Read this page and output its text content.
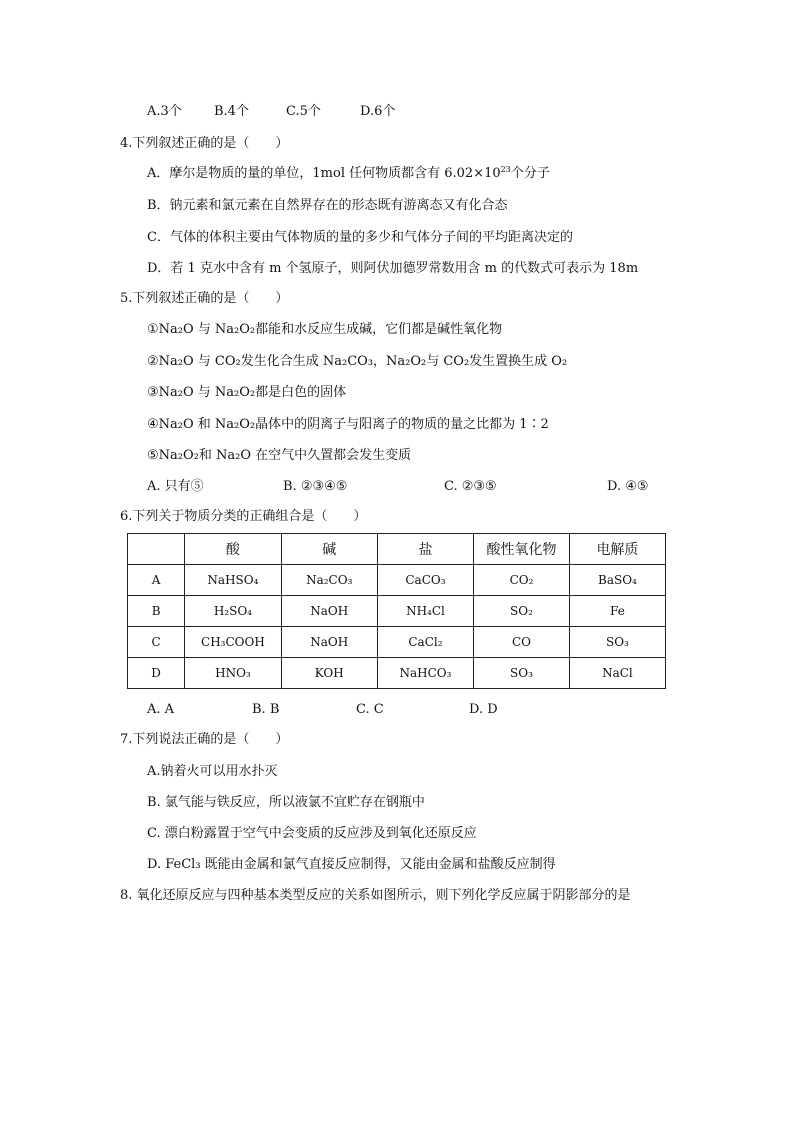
A.3个

B.4个

	C.5个

	D.6个

4.下列叙述正确的是（　　）
A．摩尔是物质的量的单位，1mol 任何物质都含有 $6.02\times 10^{23}$个分子
B．钠元素和氯元素在自然界存在的形态既有游离态又有化合态
C．气体的体积主要由气体物质的量的多少和气体分子间的平均距离决定的
D．若 1 克水中含有 m 个氢原子，则阿伏加德罗常数用含 m 的代数式可表示为 18m
5.下列叙述正确的是（　　）
①Na₂O 与 Na₂O₂都能和水反应生成碱，它们都是碱性氧化物
②Na₂O 与 CO₂发生化合生成 Na₂CO₃，Na₂O₂与 CO₂发生置换生成 O₂
③Na₂O 与 Na₂O₂都是白色的固体
④Na₂O 和 Na₂O₂晶体中的阴离子与阳离子的物质的量之比都为 1∶2
⑤Na₂O₂和 Na₂O 在空气中久置都会发生变质

A. 只有⑤

	B. ②③④⑤

	C. ②③⑤

	D. ④⑤

6.下列关于物质分类的正确组合是（　　）
	酸	碱	盐	酸性氧化物	电解质
A	NaHSO₄	Na₂CO₃	CaCO₃	CO₂	BaSO₄
B	H₂SO₄	NaOH	NH₄Cl	SO₂	Fe
C	CH₃COOH	NaOH	CaCl₂	CO	SO₃
D	HNO₃	KOH	NaHCO₃	SO₃	NaCl

A. A

	B. B

	C. C

	D. D

7.下列说法正确的是（　　）
A.钠着火可以用水扑灭
B. 氯气能与铁反应，所以液氯不宜贮存在钢瓶中
C. 漂白粉露置于空气中会变质的反应涉及到氧化还原反应
D. FeCl₃ 既能由金属和氯气直接反应制得，又能由金属和盐酸反应制得
8. 氧化还原反应与四种基本类型反应的关系如图所示，则下列化学反应属于阴影部分的是
